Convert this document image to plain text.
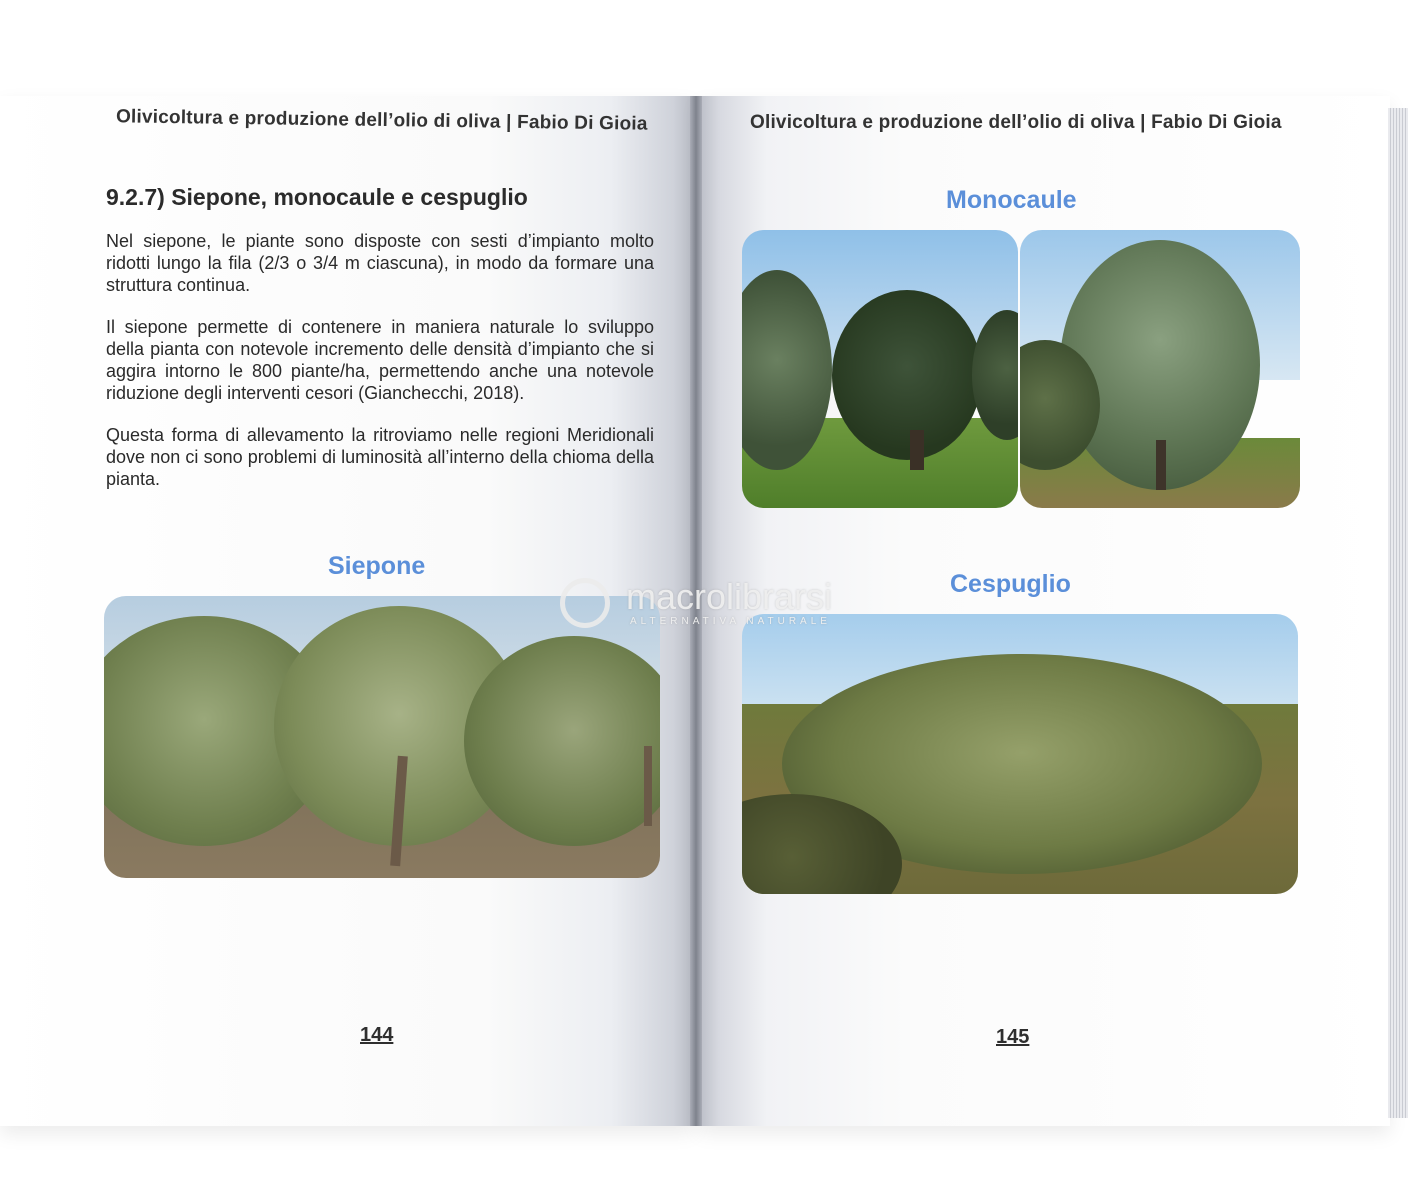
Olivicoltura e produzione dell’olio di oliva | Fabio Di Gioia
9.2.7) Siepone, monocaule e cespuglio
Nel siepone, le piante sono disposte con sesti d’impianto molto ridotti lungo la fila (2/3 o 3/4 m ciascuna), in modo da formare una struttura continua.
Il siepone permette di contenere in maniera naturale lo sviluppo della pianta con notevole incremento delle densità d’impianto che si aggira intorno le 800 piante/ha, permettendo anche una notevole riduzione degli interventi cesori (Gianchecchi, 2018).
Questa forma di allevamento la ritroviamo nelle regioni Meridionali dove non ci sono problemi di luminosità all’interno della chioma della pianta.
Siepone
144
Olivicoltura e produzione dell’olio di oliva | Fabio Di Gioia
Monocaule
Cespuglio
145
macrolibrarsi
ALTERNATIVA NATURALE
